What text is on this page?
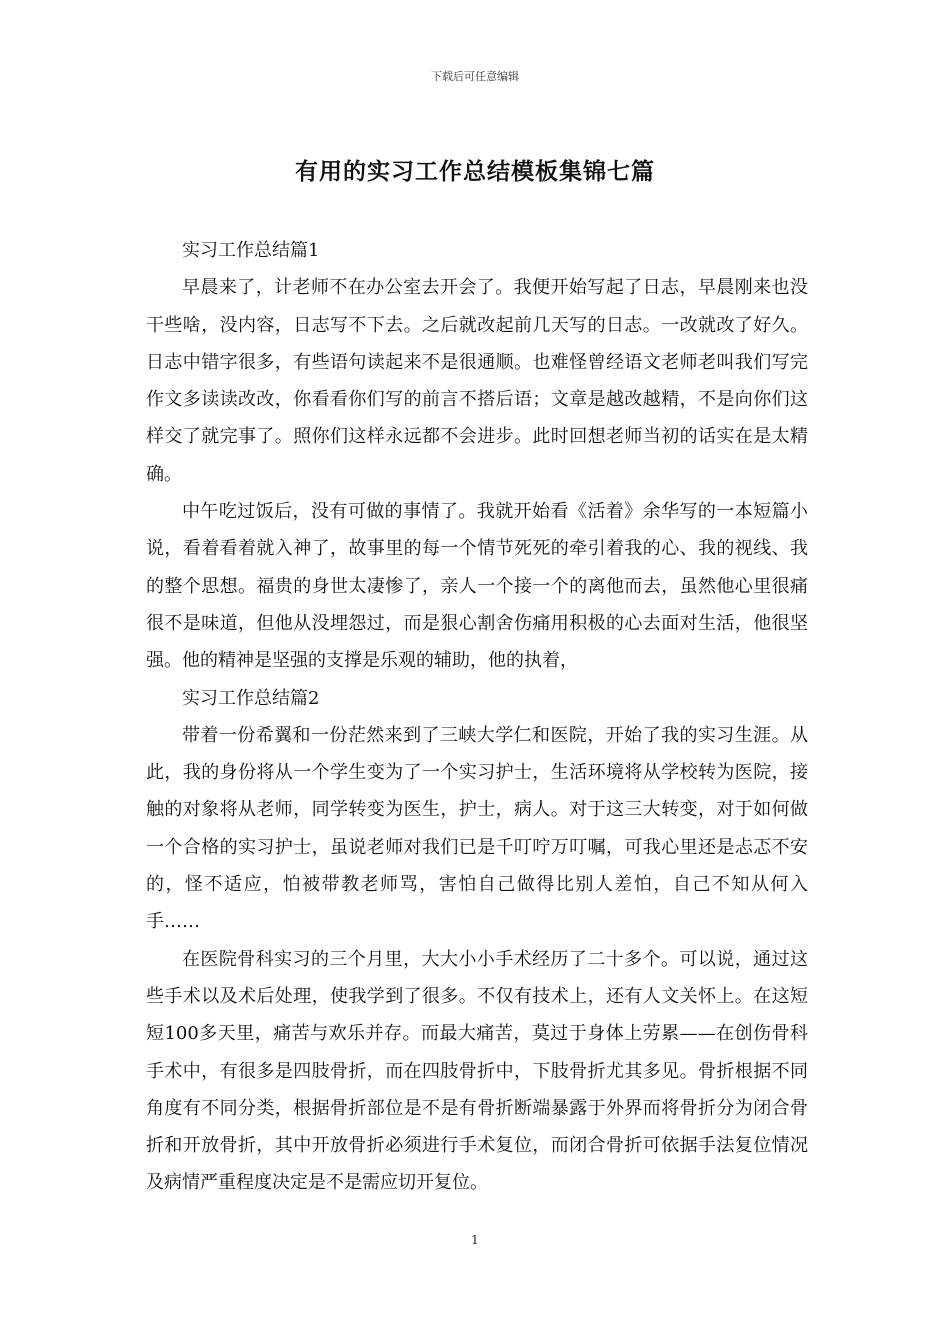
下载后可任意编辑
有用的实习工作总结模板集锦七篇

实习工作总结篇1

早晨来了，计老师不在办公室去开会了。我便开始写起了日志，早晨刚来也没干些啥，没内容，日志写不下去。之后就改起前几天写的日志。一改就改了好久。日志中错字很多，有些语句读起来不是很通顺。也难怪曾经语文老师老叫我们写完作文多读读改改，你看看你们写的前言不搭后语；文章是越改越精，不是向你们这样交了就完事了。照你们这样永远都不会进步。此时回想老师当初的话实在是太精确。

中午吃过饭后，没有可做的事情了。我就开始看《活着》余华写的一本短篇小说，看着看着就入神了，故事里的每一个情节死死的牵引着我的心、我的视线、我的整个思想。福贵的身世太凄惨了，亲人一个接一个的离他而去，虽然他心里很痛很不是味道，但他从没埋怨过，而是狠心割舍伤痛用积极的心去面对生活，他很坚强。他的精神是坚强的支撑是乐观的辅助，他的执着，

实习工作总结篇2

带着一份希翼和一份茫然来到了三峡大学仁和医院，开始了我的实习生涯。从此，我的身份将从一个学生变为了一个实习护士，生活环境将从学校转为医院，接触的对象将从老师，同学转变为医生，护士，病人。对于这三大转变，对于如何做一个合格的实习护士，虽说老师对我们已是千叮咛万叮嘱，可我心里还是忐忑不安的，怪不适应，怕被带教老师骂，害怕自己做得比别人差怕，自己不知从何入手……

在医院骨科实习的三个月里，大大小小手术经历了二十多个。可以说，通过这些手术以及术后处理，使我学到了很多。不仅有技术上，还有人文关怀上。在这短短100多天里，痛苦与欢乐并存。而最大痛苦，莫过于身体上劳累——在创伤骨科手术中，有很多是四肢骨折，而在四肢骨折中，下肢骨折尤其多见。骨折根据不同角度有不同分类，根据骨折部位是不是有骨折断端暴露于外界而将骨折分为闭合骨折和开放骨折，其中开放骨折必须进行手术复位，而闭合骨折可依据手法复位情况及病情严重程度决定是不是需应切开复位。

1
